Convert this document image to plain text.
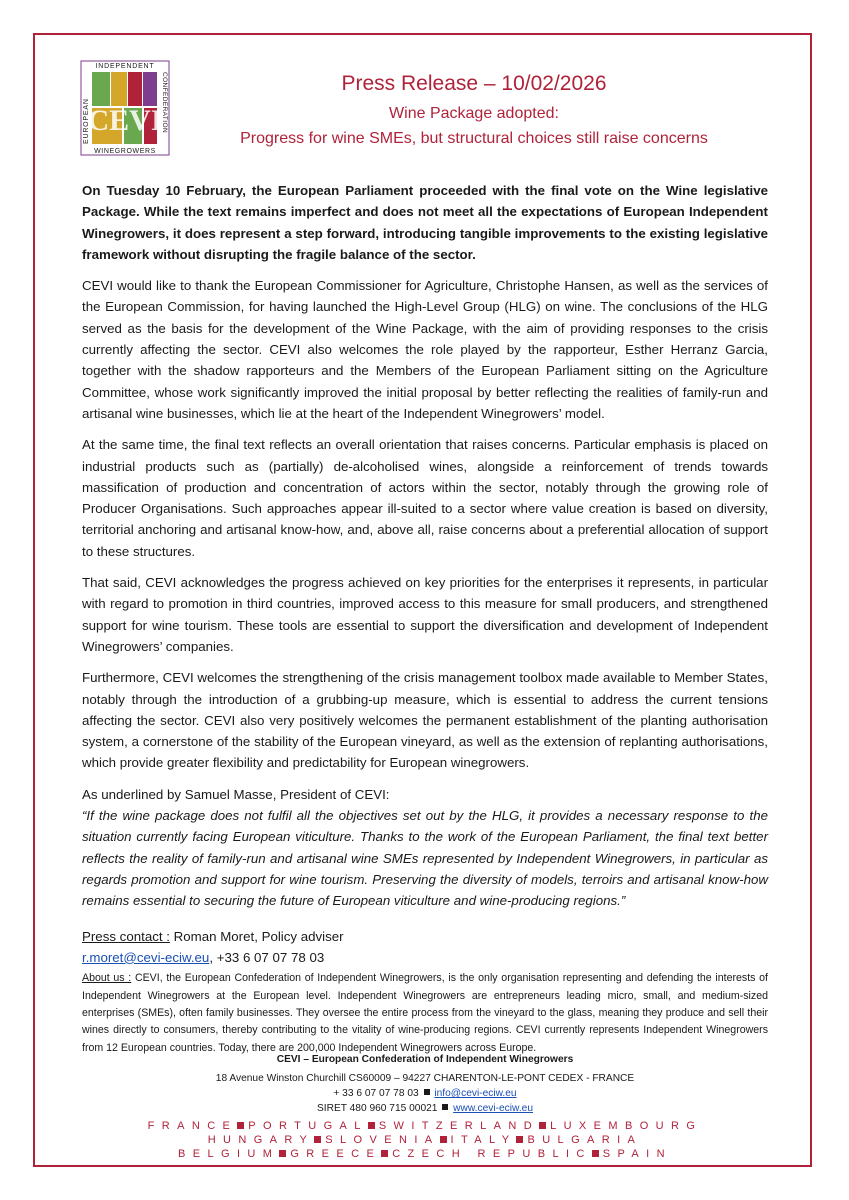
CEVI
INDEPENDENT
WINEGROWERS
EUROPEAN	CONFEDERATION	Press Release – 10/02/2026
Wine Package adopted:
Progress for wine SMEs, but structural choices still raise concerns

On Tuesday 10 February, the European Parliament proceeded with the final vote on the Wine legislative Package. While the text remains imperfect and does not meet all the expectations of European Independent Winegrowers, it does represent a step forward, introducing tangible improvements to the existing legislative framework without disrupting the fragile balance of the sector.

CEVI would like to thank the European Commissioner for Agriculture, Christophe Hansen, as well as the services of the European Commission, for having launched the High-Level Group (HLG) on wine. The conclusions of the HLG served as the basis for the development of the Wine Package, with the aim of providing responses to the crisis currently affecting the sector. CEVI also welcomes the role played by the rapporteur, Esther Herranz Garcia, together with the shadow rapporteurs and the Members of the European Parliament sitting on the Agriculture Committee, whose work significantly improved the initial proposal by better reflecting the realities of family-run and artisanal wine businesses, which lie at the heart of the Independent Winegrowers’ model.

At the same time, the final text reflects an overall orientation that raises concerns. Particular emphasis is placed on industrial products such as (partially) de-alcoholised wines, alongside a reinforcement of trends towards massification of production and concentration of actors within the sector, notably through the growing role of Producer Organisations. Such approaches appear ill-suited to a sector where value creation is based on diversity, territorial anchoring and artisanal know-how, and, above all, raise concerns about a preferential allocation of support to these structures.

That said, CEVI acknowledges the progress achieved on key priorities for the enterprises it represents, in particular with regard to promotion in third countries, improved access to this measure for small producers, and strengthened support for wine tourism. These tools are essential to support the diversification and development of Independent Winegrowers’ companies.

Furthermore, CEVI welcomes the strengthening of the crisis management toolbox made available to Member States, notably through the introduction of a grubbing-up measure, which is essential to address the current tensions affecting the sector. CEVI also very positively welcomes the permanent establishment of the planting authorisation system, a cornerstone of the stability of the European vineyard, as well as the extension of replanting authorisations, which provide greater flexibility and predictability for European winegrowers.

As underlined by Samuel Masse, President of CEVI:

“If the wine package does not fulfil all the objectives set out by the HLG, it provides a necessary response to the situation currently facing European viticulture. Thanks to the work of the European Parliament, the final text better reflects the reality of family-run and artisanal wine SMEs represented by Independent Winegrowers, in particular as regards promotion and support for wine tourism. Preserving the diversity of models, terroirs and artisanal know-how remains essential to securing the future of European viticulture and wine-producing regions.”

Press contact : Roman Moret, Policy adviser

r.moret@cevi-eciw.eu, +33 6 07 07 78 03

About us : CEVI, the European Confederation of Independent Winegrowers, is the only organisation representing and defending the interests of Independent Winegrowers at the European level. Independent Winegrowers are entrepreneurs leading micro, small, and medium-sized enterprises (SMEs), often family businesses. They oversee the entire process from the vineyard to the glass, meaning they produce and sell their wines directly to consumers, thereby contributing to the vitality of wine-producing regions. CEVI currently represents Independent Winegrowers from 12 European countries. Today, there are 200,000 Independent Winegrowers across Europe.

CEVI – European Confederation of Independent Winegrowers
18 Avenue Winston Churchill CS60009 – 94227 CHARENTON-LE-PONT CEDEX - FRANCE
+ 33 6 07 07 78 03 info@cevi-eciw.eu
SIRET 480 960 715 00021 www.cevi-eciw.eu
FRANCE PORTUGAL SWITZERLAND LUXEMBOURG
HUNGARY SLOVENIA ITALY BULGARIA
BELGIUM GREECE CZECH REPUBLIC SPAIN
